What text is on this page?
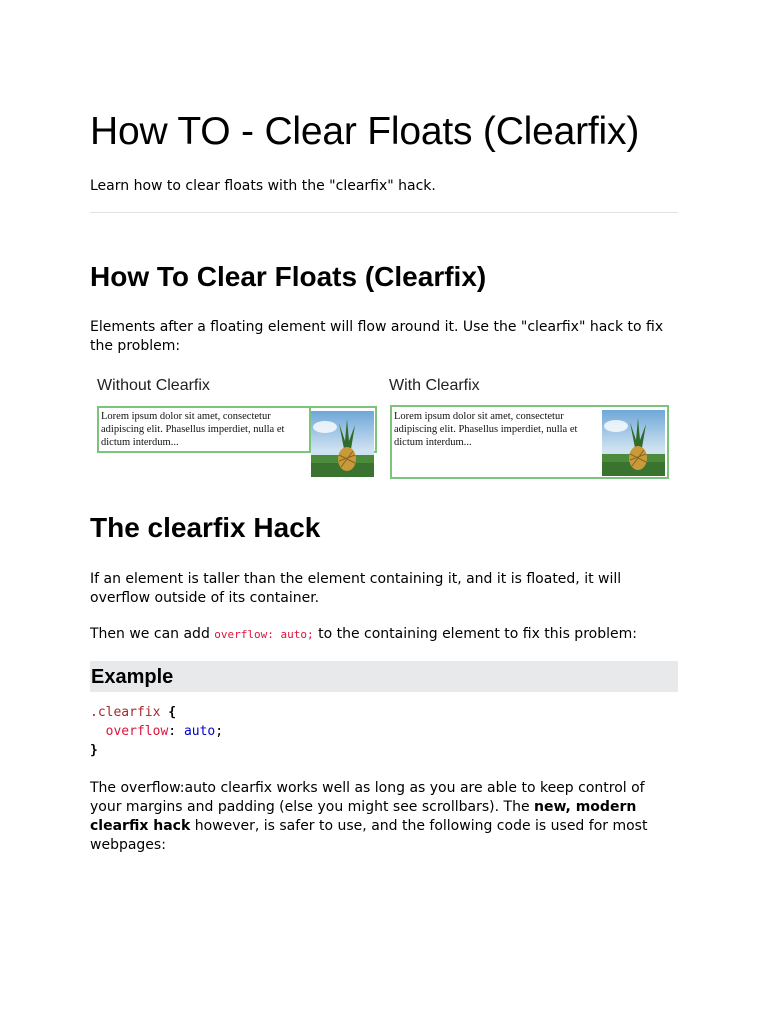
How TO - Clear Floats (Clearfix)

Learn how to clear floats with the "clearfix" hack.

How To Clear Floats (Clearfix)

Elements after a floating element will flow around it. Use the "clearfix" hack to fix the problem:

Without Clearfix	With Clearfix
Lorem ipsum dolor sit amet, consectetur
adipiscing elit. Phasellus imperdiet, nulla et
dictum interdum...
Lorem ipsum dolor sit amet, consectetur
adipiscing elit. Phasellus imperdiet, nulla et
dictum interdum...
The clearfix Hack

If an element is taller than the element containing it, and it is floated, it will overflow outside of its container.

Then we can add overflow: auto; to the containing element to fix this problem:

Example
.clearfix {
overflow: auto;
}

The overflow:auto clearfix works well as long as you are able to keep control of your margins and padding (else you might see scrollbars). The new, modern clearfix hack however, is safer to use, and the following code is used for most webpages:
